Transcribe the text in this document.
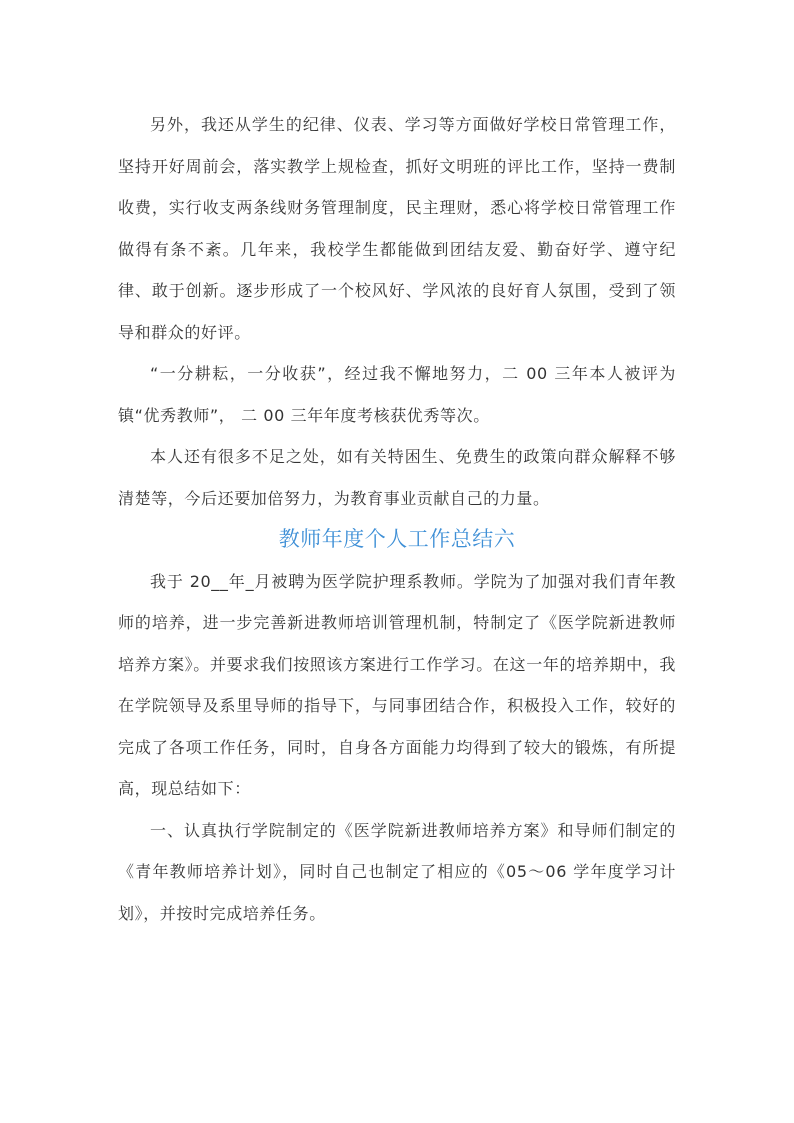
另外，我还从学生的纪律、仪表、学习等方面做好学校日常管理工作，坚持开好周前会，落实教学上规检查，抓好文明班的评比工作，坚持一费制收费，实行收支两条线财务管理制度，民主理财，悉心将学校日常管理工作做得有条不紊。几年来，我校学生都能做到团结友爱、勤奋好学、遵守纪律、敢于创新。逐步形成了一个校风好、学风浓的良好育人氛围，受到了领导和群众的好评。

“一分耕耘，一分收获”，经过我不懈地努力，二 00 三年本人被评为镇“优秀教师”， 二 00 三年年度考核获优秀等次。

本人还有很多不足之处，如有关特困生、免费生的政策向群众解释不够清楚等，今后还要加倍努力，为教育事业贡献自己的力量。

教师年度个人工作总结六

我于 20__年_月被聘为医学院护理系教师。学院为了加强对我们青年教师的培养，进一步完善新进教师培训管理机制，特制定了《医学院新进教师培养方案》。并要求我们按照该方案进行工作学习。在这一年的培养期中，我在学院领导及系里导师的指导下，与同事团结合作，积极投入工作，较好的完成了各项工作任务，同时，自身各方面能力均得到了较大的锻炼，有所提高，现总结如下：

一、认真执行学院制定的《医学院新进教师培养方案》和导师们制定的《青年教师培养计划》，同时自己也制定了相应的《05～06 学年度学习计划》，并按时完成培养任务。
